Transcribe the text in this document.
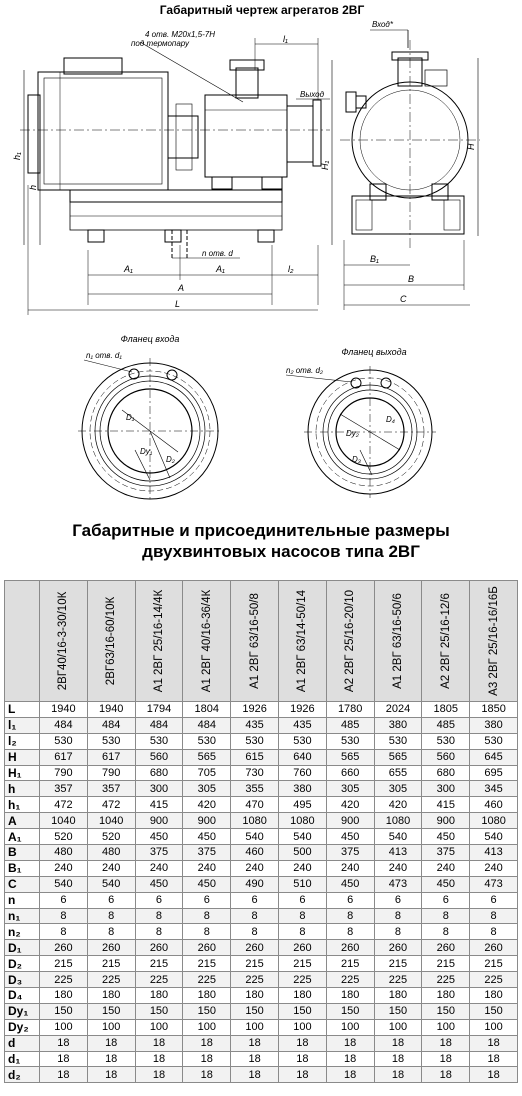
Габаритный чертеж агрегатов 2ВГ
4 отв. M20x1,5-7H
под термопару
Выход
h₁
h
H₁
l₁
n отв. d
A₁	A₁	l₂
A
L
Вход*
H
B₁
B
C
Фланец входа
n₁ отв. d₁
D₁
Dy₁
D₂
Фланец выхода
n₂ отв. d₂
Dy₂
D₃
D₄
Габаритные и присоединительные размеры
двухвинтовых насосов типа 2ВГ

	2ВГ40/16-3-30/10К	2ВГ63/16-60/10К	А1 2ВГ 25/16-14/4К	А1 2ВГ 40/16-36/4К	А1 2ВГ 63/16-50/8	А1 2ВГ 63/14-50/14	А2 2ВГ 25/16-20/10	А1 2ВГ 63/16-50/6	А2 2ВГ 25/16-12/6	А3 2ВГ 25/16-16/16Б

L	1940	1940	1794	1804	1926	1926	1780	2024	1805	1850
l₁	484	484	484	484	435	435	485	380	485	380
l₂	530	530	530	530	530	530	530	530	530	530
H	617	617	560	565	615	640	565	565	560	645
H₁	790	790	680	705	730	760	660	655	680	695
h	357	357	300	305	355	380	305	305	300	345
h₁	472	472	415	420	470	495	420	420	415	460
A	1040	1040	900	900	1080	1080	900	1080	900	1080
A₁	520	520	450	450	540	540	450	540	450	540
B	480	480	375	375	460	500	375	413	375	413
B₁	240	240	240	240	240	240	240	240	240	240
C	540	540	450	450	490	510	450	473	450	473
n	6	6	6	6	6	6	6	6	6	6
n₁	8	8	8	8	8	8	8	8	8	8
n₂	8	8	8	8	8	8	8	8	8	8
D₁	260	260	260	260	260	260	260	260	260	260
D₂	215	215	215	215	215	215	215	215	215	215
D₃	225	225	225	225	225	225	225	225	225	225
D₄	180	180	180	180	180	180	180	180	180	180
Dy₁	150	150	150	150	150	150	150	150	150	150
Dy₂	100	100	100	100	100	100	100	100	100	100
d	18	18	18	18	18	18	18	18	18	18
d₁	18	18	18	18	18	18	18	18	18	18
d₂	18	18	18	18	18	18	18	18	18	18
